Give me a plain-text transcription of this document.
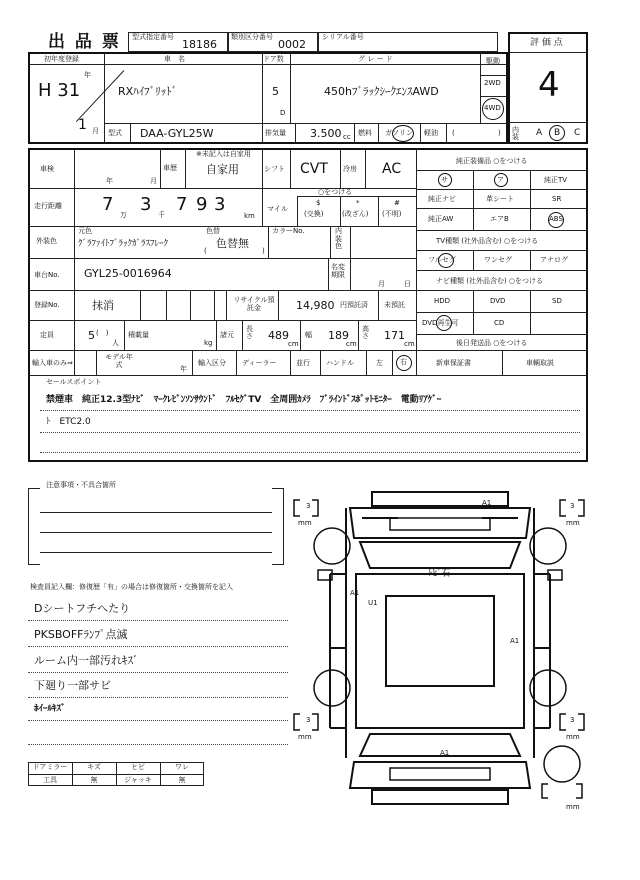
出 品 票 型式指定番号
18186
類別区分番号
0002
シリアル番号
初年度登録
H 31
年
1 月
車　名
RXﾊｲﾌﾞﾘｯﾄﾞ
ドア数
5
D
グ レ ー ド
450hﾌﾞﾗｯｸｼｰｸｴﾝｽAWD
駆動
2WD
4WD
型式 DAA-GYL25W	排気量 3.500 cc 燃料 ガソリン 軽油 (	)
評 価 点
4
内装	A B C
車検
年	月
車歴
※未記入は自家用
自家用	シフト CVT 冷房 AC
走行距離 7 万 3 千 7 9 3
km
マイル
○をつける
$
(交換)
*
(改ざん)
#
(不明)
外装色
元色	色替
ｸﾞﾗﾌｧｲﾄﾌﾞﾗｯｸｶﾞﾗｽﾌﾚｰｸ	色替無
(	)
カラーNo.	内装色
車台No. GYL25-0016964	名変期限
月	日
登録No.	抹消	リサイクル預託金	14,980 円預託済 未預託
定員	5 (　)
人
積載量
kg
諸元
長さ 489
cm
幅 189
cm
高さ 171
cm
輸入車のみ⇒
モデル年式
年
輸入区分 ディーラー	並行 ハンドル	左 右
純正装備品 ○をつける
サ	ア	純正TV
純正ナビ	革シート	SR
純正AW	エアB	ABS
TV種類 (社外品含む) ○をつける
フルセグ	ワンセグ	アナログ
ナビ種類 (社外品含む) ○をつける
HDD	DVD	SD
DVD再生可	CD
後日発送品 ○をつける
新車保証書	車輌取説
セールスポイント
禁煙車　純正12.3型ﾅﾋﾞ　ﾏｰｸﾚﾋﾞﾝｿﾝｻｳﾝﾄﾞ　ﾌﾙｾｸﾞTV　全周囲ｶﾒﾗ　ﾌﾞﾗｲﾝﾄﾞｽﾎﾟｯﾄﾓﾆﾀｰ　電動ﾘｱｹﾞｰ
ﾄ　ETC2.0
注意事項・不具合箇所
検査員記入欄：修復歴「有」の場合は修復箇所・交換箇所を記入
Dシートフチへたり
PKSBOFFﾗﾝﾌﾟ点滅
ルーム内一部汚れｷｽﾞ
下廻り一部サビ
ﾎｲｰﾙｷｽﾞ
ドアミラー	キズ	ヒビ	ワレ
工具	無	ジャッキ	無
A1
ﾄﾋﾞ石
A1
U1
A1
A1
3
mm
3
mm
3
mm
3
mm
mm
